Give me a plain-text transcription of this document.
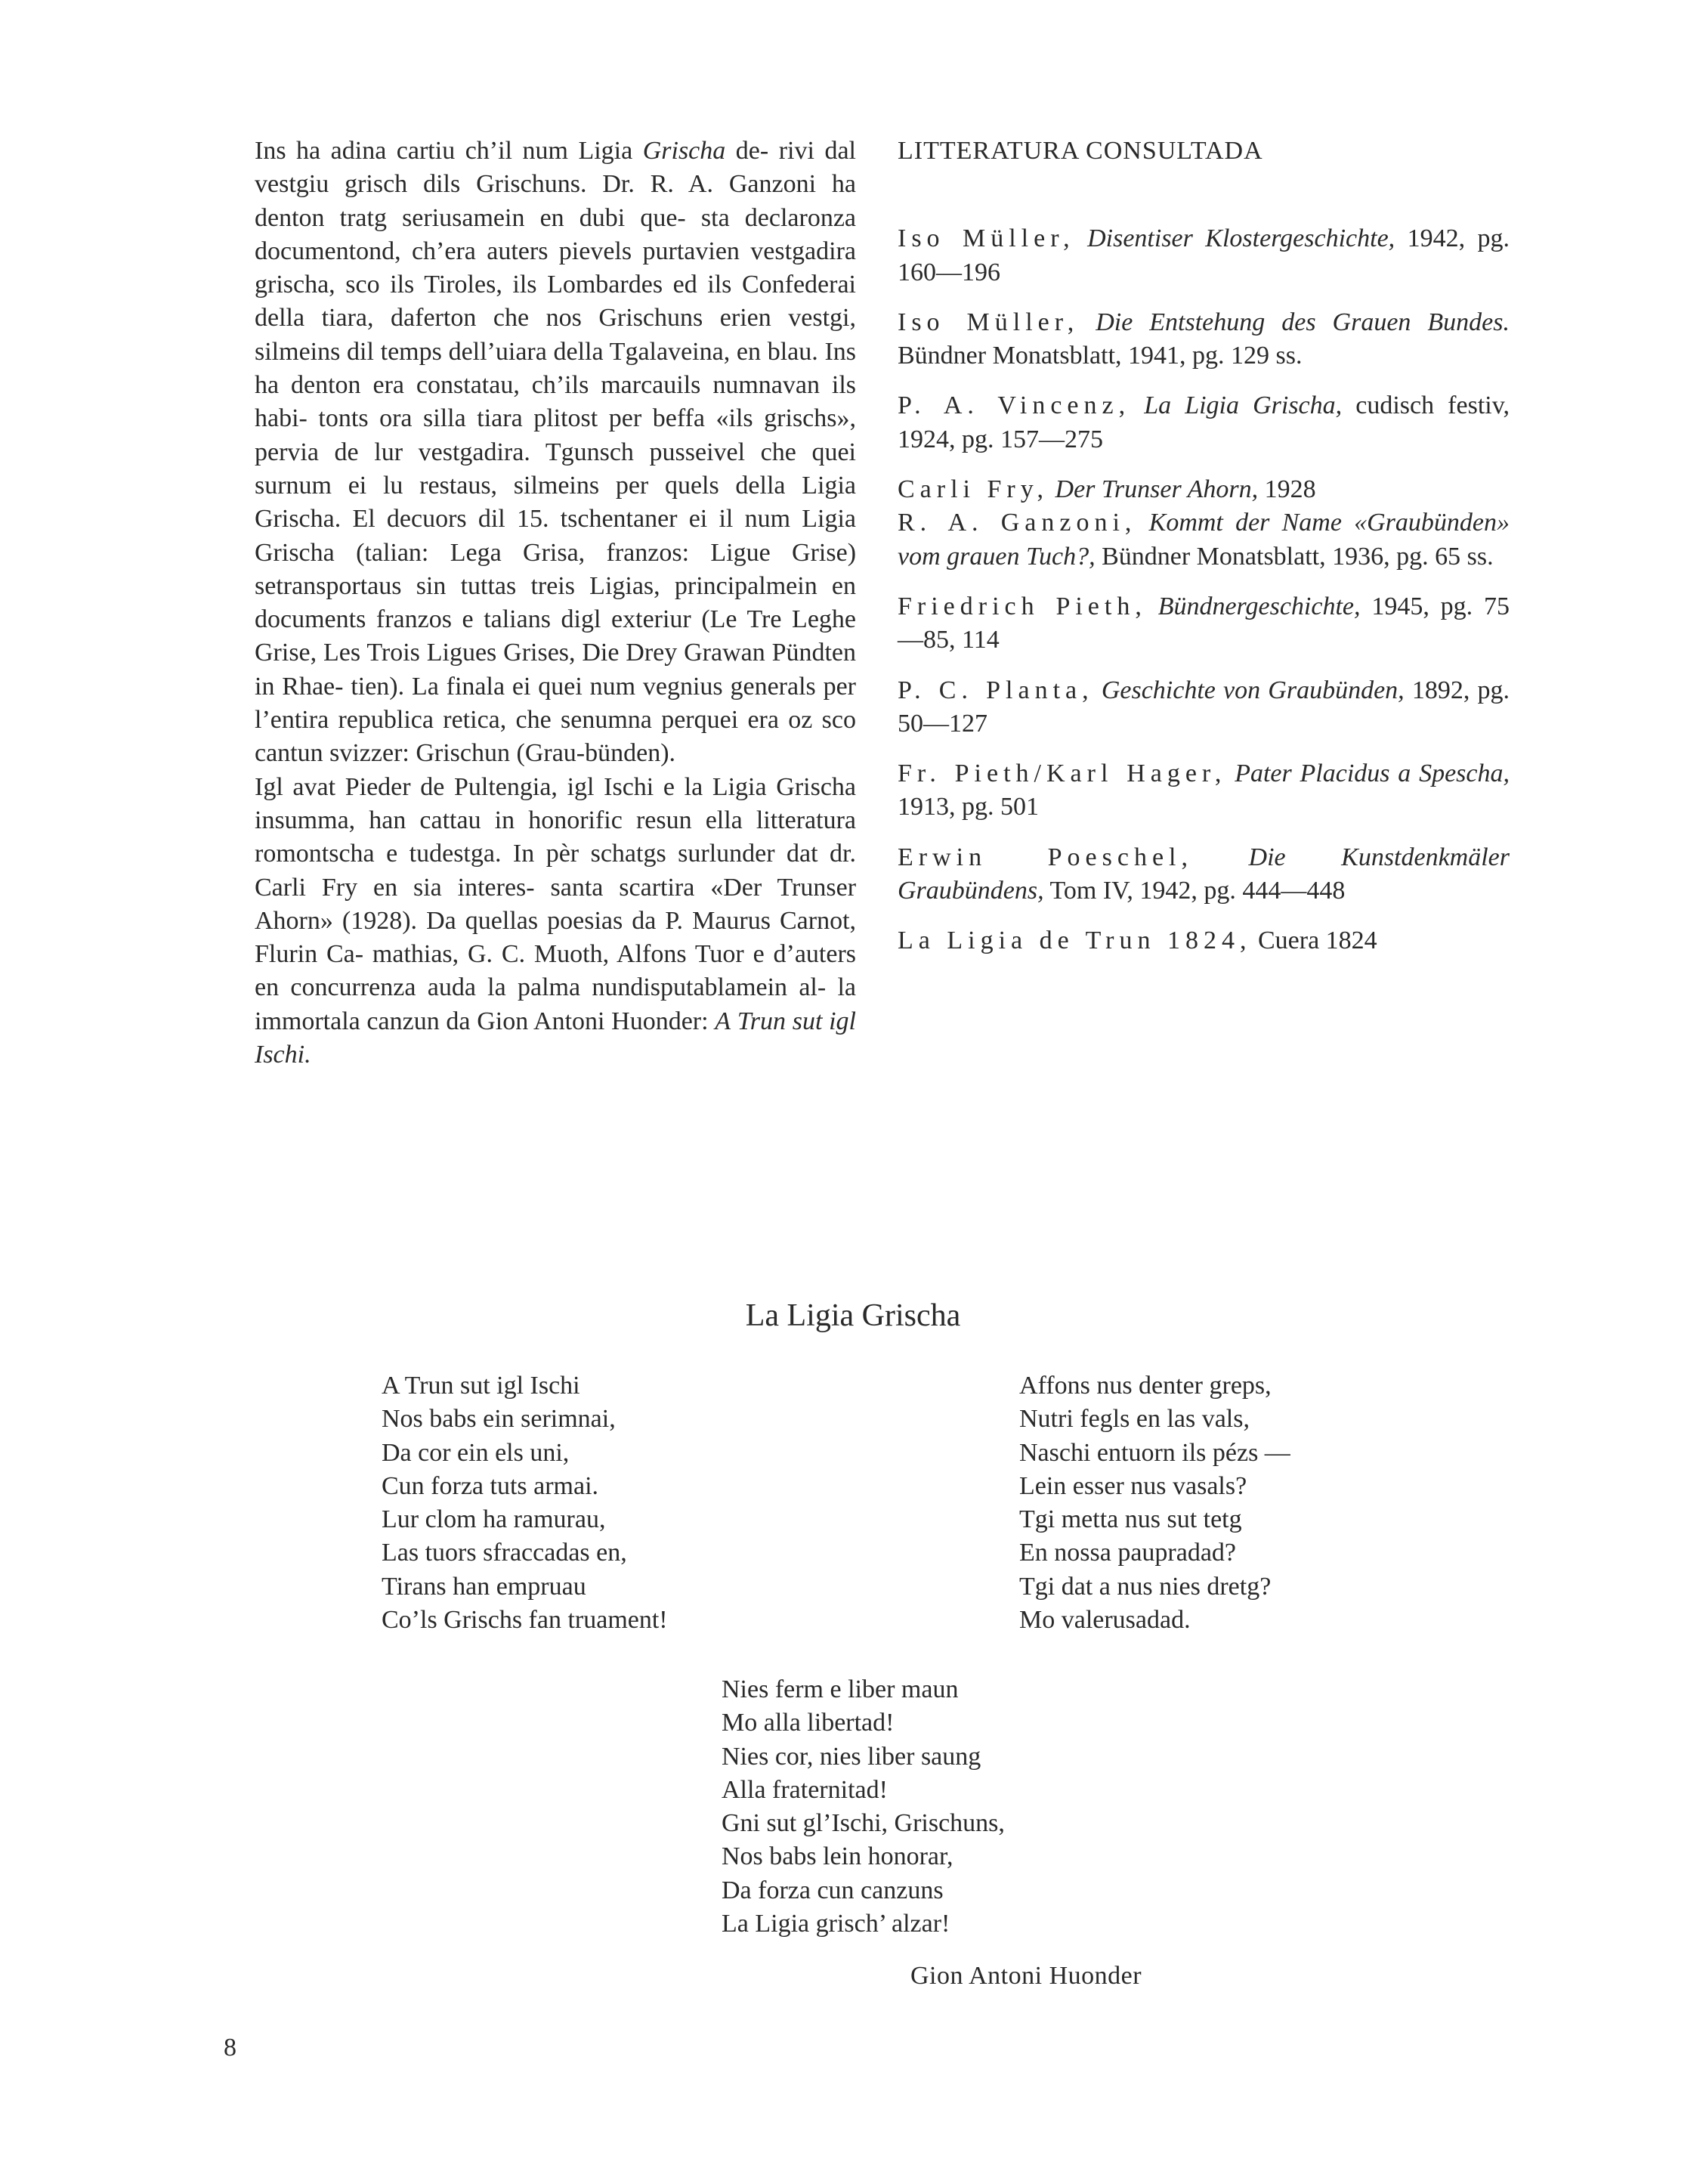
Ins ha adina cartiu ch’il num Ligia Grischa de- rivi dal vestgiu grisch dils Grischuns. Dr. R. A. Ganzoni ha denton tratg seriusamein en dubi que- sta declaronza documentond, ch’era auters pievels purtavien vestgadira grischa, sco ils Tiroles, ils Lombardes ed ils Confederai della tiara, daferton che nos Grischuns erien vestgi, silmeins dil temps dell’uiara della Tgalaveina, en blau. Ins ha denton era constatau, ch’ils marcauils numnavan ils habi- tonts ora silla tiara plitost per beffa «ils grischs», pervia de lur vestgadira. Tgunsch pusseivel che quei surnum ei lu restaus, silmeins per quels della Ligia Grischa. El decuors dil 15. tschentaner ei il num Ligia Grischa (talian: Lega Grisa, franzos: Ligue Grise) setransportaus sin tuttas treis Ligias, principalmein en documents franzos e talians digl exteriur (Le Tre Leghe Grise, Les Trois Ligues Grises, Die Drey Grawan Pündten in Rhae- tien). La finala ei quei num vegnius generals per l’entira republica retica, che senumna perquei era oz sco cantun svizzer: Grischun (Grau-bünden).

Igl avat Pieder de Pultengia, igl Ischi e la Ligia Grischa insumma, han cattau in honorific resun ella litteratura romontscha e tudestga. In pèr schatgs surlunder dat dr. Carli Fry en sia interes- santa scartira «Der Trunser Ahorn» (1928). Da quellas poesias da P. Maurus Carnot, Flurin Ca- mathias, G. C. Muoth, Alfons Tuor e d’auters en concurrenza auda la palma nundisputablamein al- la immortala canzun da Gion Antoni Huonder: A Trun sut igl Ischi.

LITTERATURA CONSULTADA
Iso Müller, Disentiser Klostergeschichte, 1942, pg. 160—196
Iso Müller, Die Entstehung des Grauen Bundes. Bündner Monatsblatt, 1941, pg. 129 ss.
P. A. Vincenz, La Ligia Grischa, cudisch festiv, 1924, pg. 157—275
Carli Fry, Der Trunser Ahorn, 1928
R. A. Ganzoni, Kommt der Name «Graubünden» vom grauen Tuch?, Bündner Monatsblatt, 1936, pg. 65 ss.
Friedrich Pieth, Bündnergeschichte, 1945, pg. 75—85, 114
P. C. Planta, Geschichte von Graubünden, 1892, pg. 50—127
Fr. Pieth/Karl Hager, Pater Placidus a Spescha, 1913, pg. 501
Erwin Poeschel, Die Kunstdenkmäler Graubündens, Tom IV, 1942, pg. 444—448
La Ligia de Trun 1824, Cuera 1824
La Ligia Grischa
A Trun sut igl Ischi
Nos babs ein serimnai,
Da cor ein els uni,
Cun forza tuts armai.
Lur clom ha ramurau,
Las tuors sfraccadas en,
Tirans han empruau
Co’ls Grischs fan truament!
Affons nus denter greps,
Nutri fegls en las vals,
Naschi entuorn ils pézs —
Lein esser nus vasals?
Tgi metta nus sut tetg
En nossa paupradad?
Tgi dat a nus nies dretg?
Mo valerusadad.
Nies ferm e liber maun
Mo alla libertad!
Nies cor, nies liber saung
Alla fraternitad!
Gni sut gl’Ischi, Grischuns,
Nos babs lein honorar,
Da forza cun canzuns
La Ligia grisch’ alzar!
Gion Antoni Huonder
8
